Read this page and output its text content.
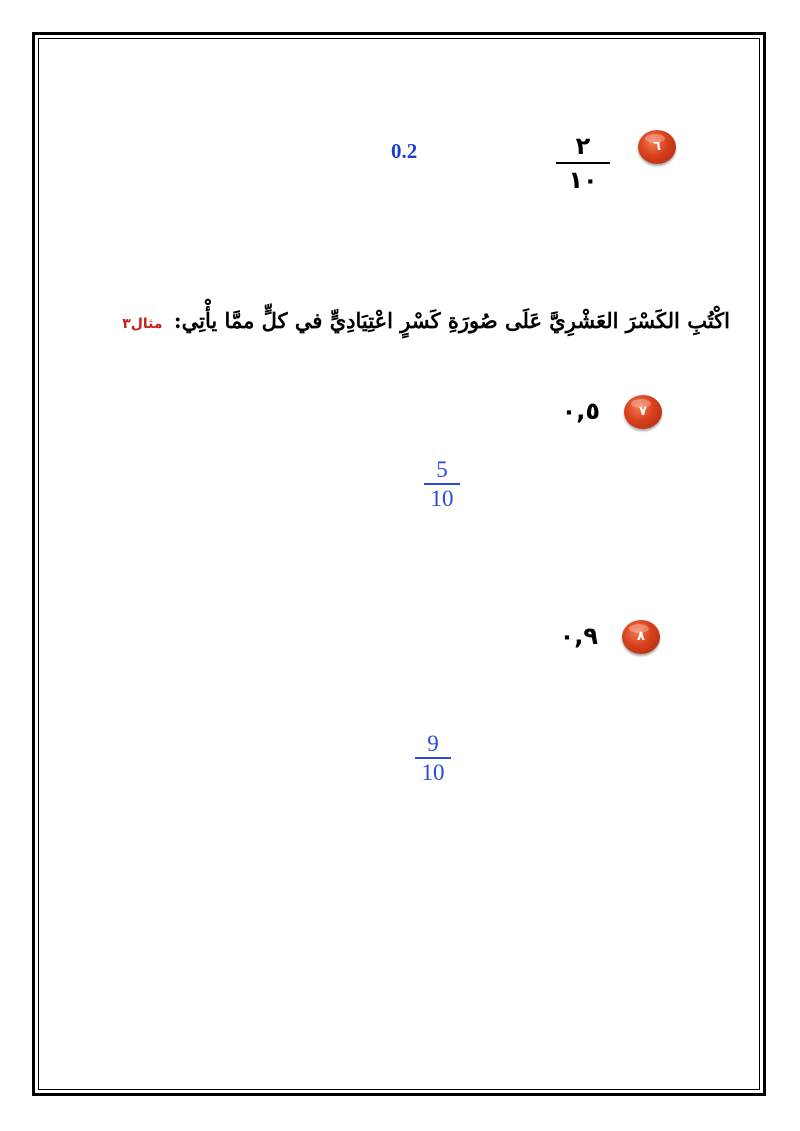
٦
٢
١٠
0.2
اكْتُبِ الكَسْرَ العَشْرِيَّ عَلَى صُورَةِ كَسْرٍ اعْتِيَادِيٍّ في كلٍّ ممَّا يأْتِي: مثال٣
٧
٠,٥
5
10
٨
٠,٩
9
10
